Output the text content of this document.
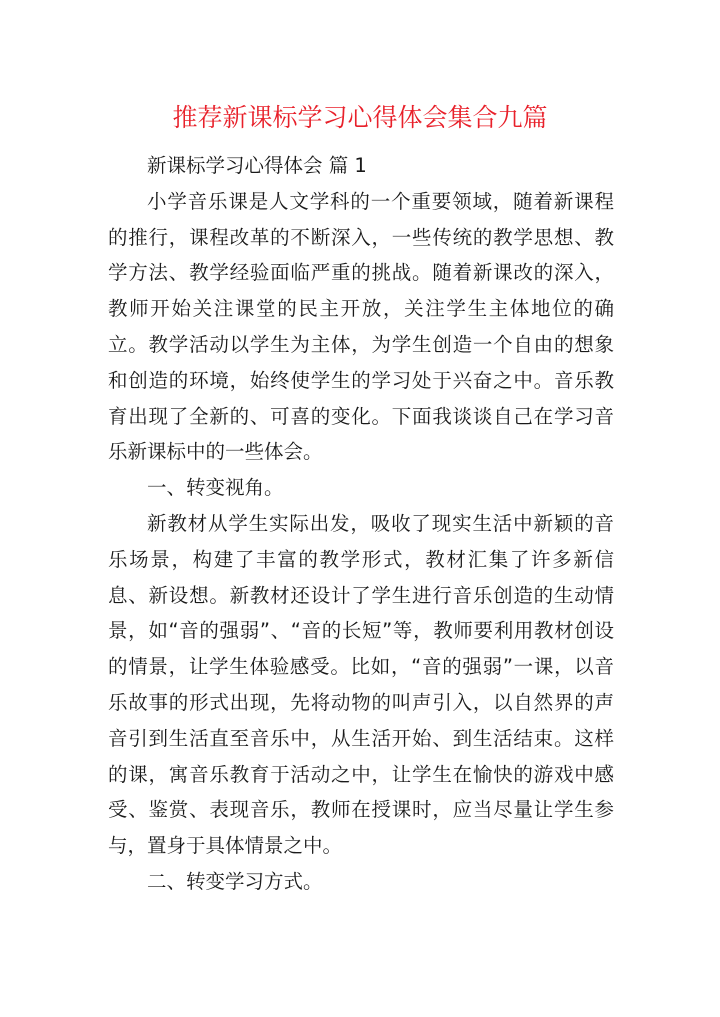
推荐新课标学习心得体会集合九篇

新课标学习心得体会 篇 1

小学音乐课是人文学科的一个重要领域，随着新课程的推行，课程改革的不断深入，一些传统的教学思想、教学方法、教学经验面临严重的挑战。随着新课改的深入，教师开始关注课堂的民主开放，关注学生主体地位的确立。教学活动以学生为主体，为学生创造一个自由的想象和创造的环境，始终使学生的学习处于兴奋之中。音乐教育出现了全新的、可喜的变化。下面我谈谈自己在学习音乐新课标中的一些体会。

一、转变视角。

新教材从学生实际出发，吸收了现实生活中新颖的音乐场景，构建了丰富的教学形式，教材汇集了许多新信息、新设想。新教材还设计了学生进行音乐创造的生动情景，如“音的强弱”、“音的长短”等，教师要利用教材创设的情景，让学生体验感受。比如，“音的强弱”一课，以音乐故事的形式出现，先将动物的叫声引入，以自然界的声音引到生活直至音乐中，从生活开始、到生活结束。这样的课，寓音乐教育于活动之中，让学生在愉快的游戏中感受、鉴赏、表现音乐，教师在授课时，应当尽量让学生参与，置身于具体情景之中。

二、转变学习方式。
